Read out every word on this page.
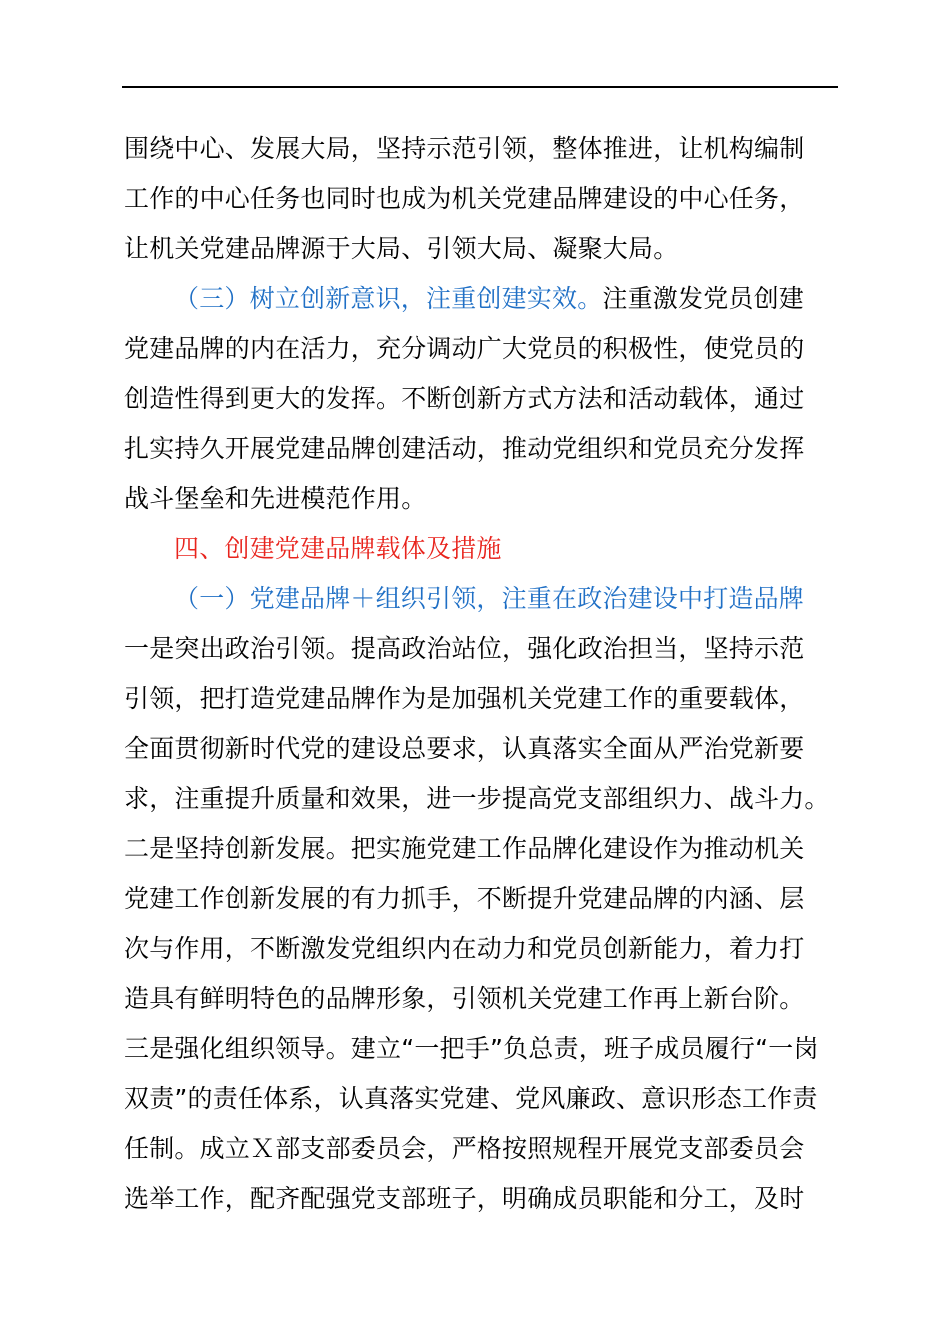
围绕中心、发展大局，坚持示范引领，整体推进，让机构编制
工作的中心任务也同时也成为机关党建品牌建设的中心任务，
让机关党建品牌源于大局、引领大局、凝聚大局。
（三）树立创新意识，注重创建实效。注重激发党员创建
党建品牌的内在活力，充分调动广大党员的积极性，使党员的
创造性得到更大的发挥。不断创新方式方法和活动载体，通过
扎实持久开展党建品牌创建活动，推动党组织和党员充分发挥
战斗堡垒和先进模范作用。
四、创建党建品牌载体及措施
（一）党建品牌＋组织引领，注重在政治建设中打造品牌
一是突出政治引领。提高政治站位，强化政治担当，坚持示范
引领，把打造党建品牌作为是加强机关党建工作的重要载体，
全面贯彻新时代党的建设总要求，认真落实全面从严治党新要
求，注重提升质量和效果，进一步提高党支部组织力、战斗力。
二是坚持创新发展。把实施党建工作品牌化建设作为推动机关
党建工作创新发展的有力抓手，不断提升党建品牌的内涵、层
次与作用，不断激发党组织内在动力和党员创新能力，着力打
造具有鲜明特色的品牌形象，引领机关党建工作再上新台阶。
三是强化组织领导。建立“一把手”负总责，班子成员履行“一岗
双责”的责任体系，认真落实党建、党风廉政、意识形态工作责
任制。成立Ｘ部支部委员会，严格按照规程开展党支部委员会
选举工作，配齐配强党支部班子，明确成员职能和分工，及时
